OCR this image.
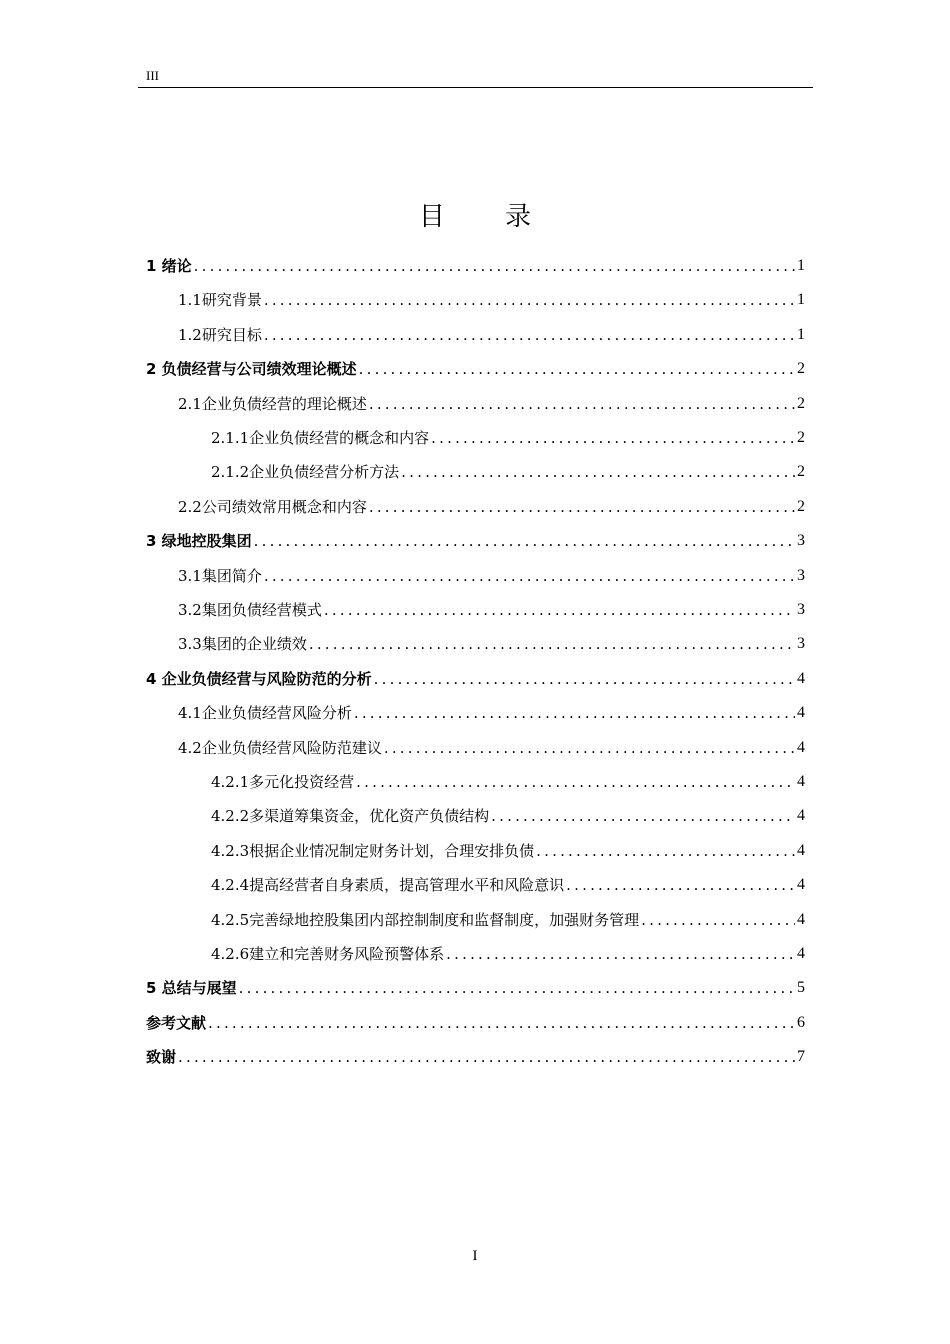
III
目 录
1 绪论 .....	1
1.1研究背景 .....	1
1.2研究目标 .....	1
2 负债经营与公司绩效理论概述 .....	2
2.1企业负债经营的理论概述 .....	2
2.1.1企业负债经营的概念和内容 .....	2
2.1.2企业负债经营分析方法 .....	2
2.2公司绩效常用概念和内容 .....	2
3 绿地控股集团 .....	3
3.1集团简介 .....	3
3.2集团负债经营模式 .....	3
3.3集团的企业绩效 .....	3
4 企业负债经营与风险防范的分析 .....	4
4.1企业负债经营风险分析 .....	4
4.2企业负债经营风险防范建议 .....	4
4.2.1多元化投资经营 .....	4
4.2.2多渠道筹集资金，优化资产负债结构 .....	4
4.2.3根据企业情况制定财务计划，合理安排负债 .....	4
4.2.4提高经营者自身素质，提高管理水平和风险意识 .....	4
4.2.5完善绿地控股集团内部控制制度和监督制度，加强财务管理 .....	4
4.2.6建立和完善财务风险预警体系 .....	4
5 总结与展望 .....	5
参考文献 .....	6
致谢 .....	7
I
